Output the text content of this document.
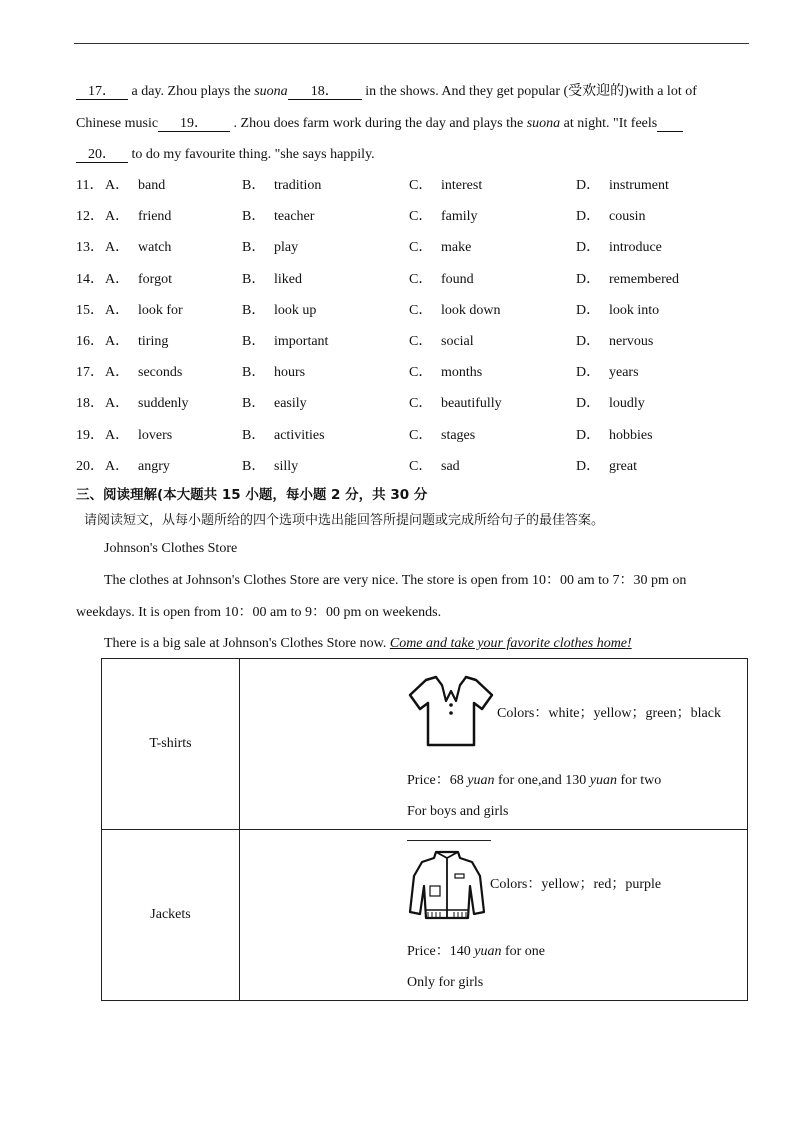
17． a day. Zhou plays the suona 18． in the shows. And they get popular (受欢迎的)with a lot of
Chinese music 19． . Zhou does farm work during the day and plays the suona at night. "It feels
20． to do my favourite thing. "she says happily.
11． A． band	B． tradition	C． interest	D． instrument
12． A． friend	B． teacher	C． family	D． cousin
13． A． watch	B． play	C． make	D． introduce
14． A． forgot	B． liked	C． found	D． remembered
15． A． look for	B． look up	C． look down	D． look into
16． A． tiring	B． important	C． social	D． nervous
17． A． seconds	B． hours	C． months	D． years
18． A． suddenly	B． easily	C． beautifully	D． loudly
19． A． lovers	B． activities	C． stages	D． hobbies
20． A． angry	B． silly	C． sad	D． great
三、阅读理解(本大题共 15 小题，每小题 2 分，共 30 分
请阅读短文，从每小题所给的四个选项中选出能回答所提问题或完成所给句子的最佳答案。
Johnson's Clothes Store
The clothes at Johnson's Clothes Store are very nice. The store is open from 10：00 am to 7：30 pm on
weekdays. It is open from 10：00 am to 9：00 pm on weekends.
There is a big sale at Johnson's Clothes Store now. Come and take your favorite clothes home!
T-shirts	Colors：white；yellow；green；black
Price：68 yuan for one,and 130 yuan for two
For boys and girls

Jackets	Colors：yellow；red；purple
Price：140 yuan for one
Only for girls
